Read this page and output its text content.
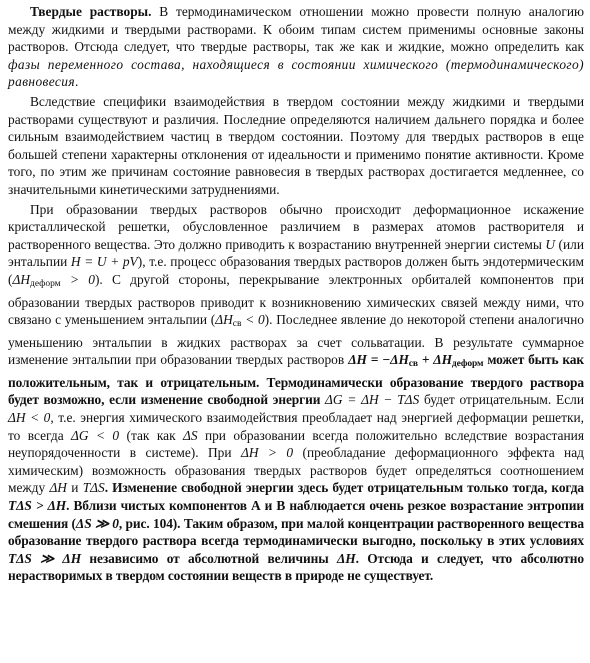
Твердые растворы. В термодинамическом отношении можно провести полную аналогию между жидкими и твердыми растворами. К обоим типам систем применимы основные законы растворов. Отсюда следует, что твердые растворы, так же как и жидкие, можно определить как фазы переменного состава, находящиеся в состоянии химического (термодинамического) равновесия.

Вследствие специфики взаимодействия в твердом состоянии между жидкими и твердыми растворами существуют и различия. Последние определяются наличием дальнего порядка и более сильным взаимодействием частиц в твердом состоянии. Поэтому для твердых растворов в еще большей степени характерны отклонения от идеальности и применимо понятие активности. Кроме того, по этим же причинам состояние равновесия в твердых растворах достигается медленнее, со значительными кинетическими затруднениями.

При образовании твердых растворов обычно происходит деформационное искажение кристаллической решетки, обусловленное различием в размерах атомов растворителя и растворенного вещества. Это должно приводить к возрастанию внутренней энергии системы U (или энтальпии H = U + pV), т.е. процесс образования твердых растворов должен быть эндотермическим $(\Delta H_{деформ} > 0)$. С другой стороны, перекрывание электронных орбиталей компонентов при образовании твердых растворов приводит к возникновению химических связей между ними, что связано с уменьшением энтальпии $(\Delta H_{св} < 0)$. Последнее явление до некоторой степени аналогично уменьшению энтальпии в жидких растворах за счет сольватации. В результате суммарное изменение энтальпии при образовании твердых растворов $\Delta H = -\Delta H_{св} + \Delta H_{деформ}$ может быть как положительным, так и отрицательным. Термодинамически образование твердого раствора будет возможно, если изменение свободной энергии ΔG = ΔH − TΔS будет отрицательным. Если ΔH < 0, т.е. энергия химического взаимодействия преобладает над энергией деформации решетки, то всегда ΔG < 0 (так как ΔS при образовании всегда положительно вследствие возрастания неупорядоченности в системе). При ΔH > 0 (преобладание деформационного эффекта над химическим) возможность образования твердых растворов будет определяться соотношением между ΔH и TΔS. Изменение свободной энергии здесь будет отрицательным только тогда, когда TΔS > ΔH. Вблизи чистых компонентов А и В наблюдается очень резкое возрастание энтропии смешения (ΔS ≫ 0, рис. 104). Таким образом, при малой концентрации растворенного вещества образование твердого раствора всегда термодинамически выгодно, поскольку в этих условиях TΔS ≫ ΔH независимо от абсолютной величины ΔH. Отсюда и следует, что абсолютно нерастворимых в твердом состоянии веществ в природе не существует.
